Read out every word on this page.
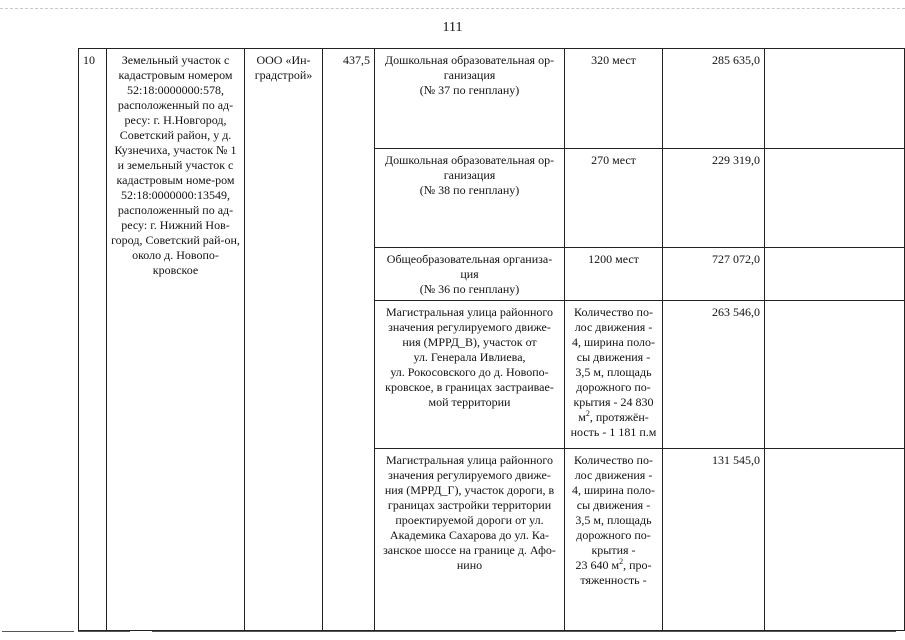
111
10	Земельный участок с кадастровым номером 52:18:0000000:578, расположенный по ад-ресу: г. Н.Новгород, Советский район, у д. Кузнечиха, участок № 1 и земельный участок с кадастровым номе-ром 52:18:0000000:13549, расположенный по ад-ресу: г. Нижний Нов-город, Советский рай-он, около д. Новопо-кровское	ООО «Ин-градстрой»	437,5	Дошкольная образовательная ор-ганизация
(№ 37 по генплану)	320 мест	285 635,0	
				Дошкольная образовательная ор-ганизация
(№ 38 по генплану)	270 мест	229 319,0	
				Общеобразовательная организа-ция
(№ 36 по генплану)	1200 мест	727 072,0	
				Магистральная улица районного значения регулируемого движе-ния (МРРД_В), участок от
ул. Генерала Ивлиева,
ул. Рокосовского до д. Новопо-кровское, в границах застраивае-мой территории	Количество по-лос движения - 4, ширина поло-сы движения - 3,5 м, площадь дорожного по-крытия - 24 830 $м^2$, протяжён-ность - 1 181 п.м	263 546,0	
				Магистральная улица районного значения регулируемого движе-ния (МРРД_Г), участок дороги, в границах застройки территории проектируемой дороги от ул. Академика Сахарова до ул. Ка-занское шоссе на границе д. Афо-нино	Количество по-лос движения - 4, ширина поло-сы движения - 3,5 м, площадь дорожного по-крытия -
23 640 $м^2$, про-тяженность -	131 545,0	
